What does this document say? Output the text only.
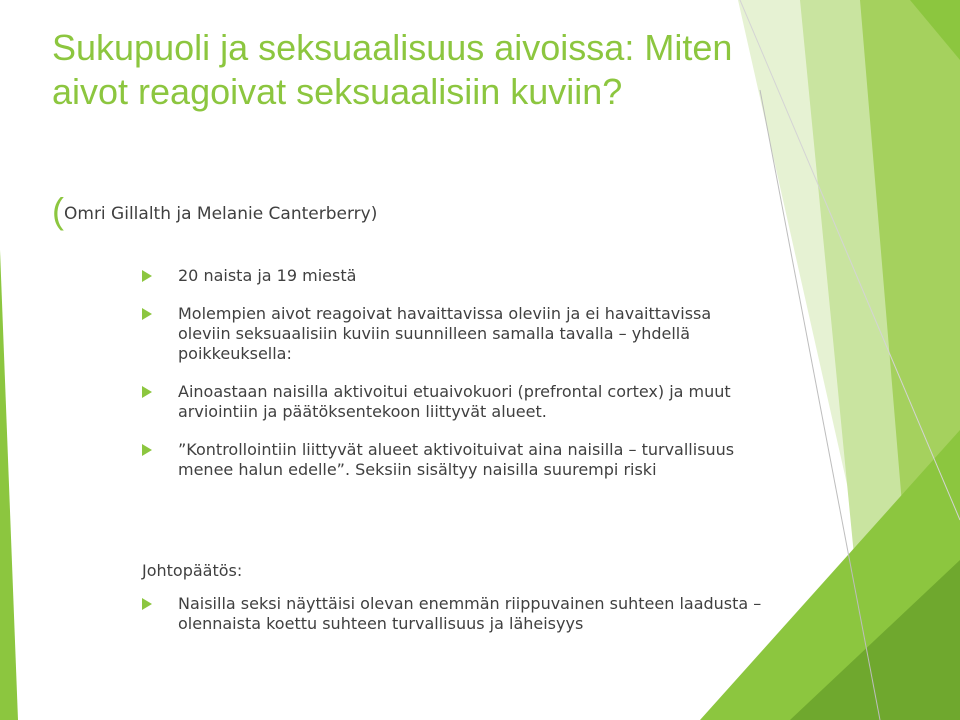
Sukupuoli ja seksuaalisuus aivoissa: Miten aivot reagoivat seksuaalisiin kuviin?
(Omri Gillalth ja Melanie Canterberry)
20 naista ja 19 miestä
Molempien aivot reagoivat havaittavissa oleviin ja ei havaittavissa oleviin seksuaalisiin kuviin suunnilleen samalla tavalla – yhdellä poikkeuksella:
Ainoastaan naisilla aktivoitui etuaivokuori (prefrontal cortex) ja muut arviointiin ja päätöksentekoon liittyvät alueet.
”Kontrollointiin liittyvät alueet aktivoituivat aina naisilla – turvallisuus menee halun edelle”. Seksiin sisältyy naisilla suurempi riski
Johtopäätös:
Naisilla seksi näyttäisi olevan enemmän riippuvainen suhteen laadusta – olennaista koettu suhteen turvallisuus ja läheisyys
